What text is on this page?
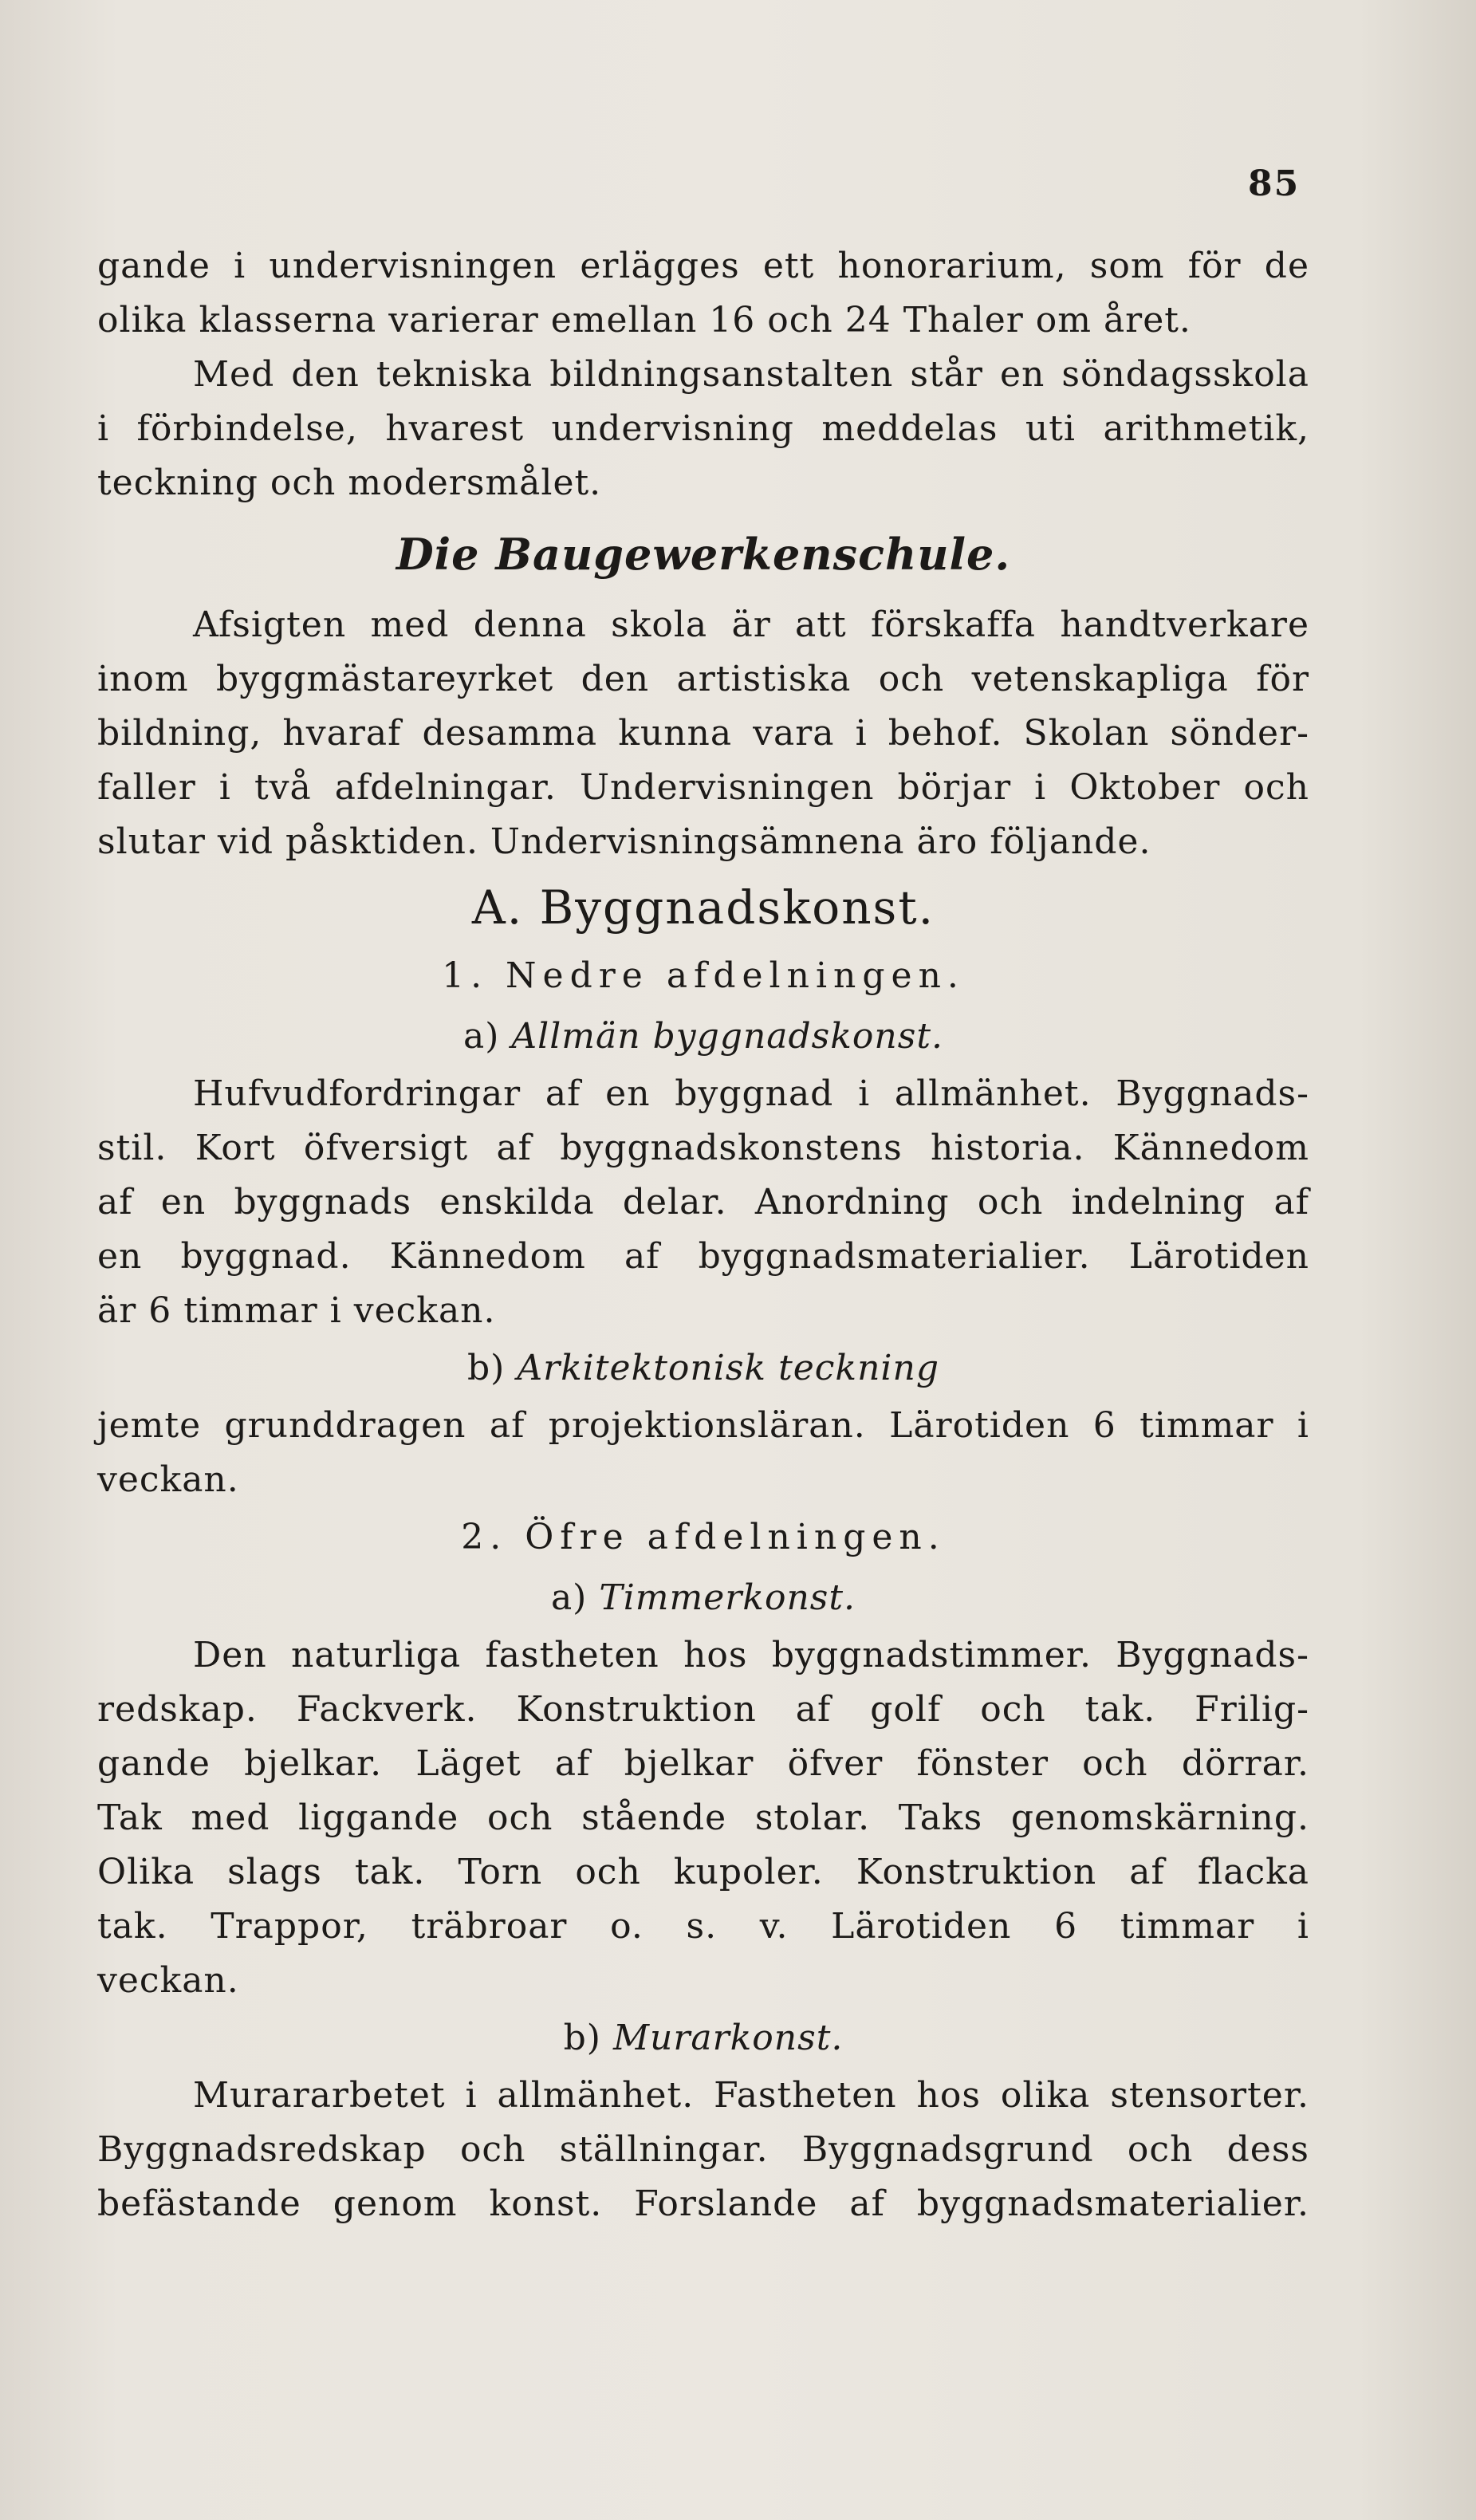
85
gande i undervisningen erlägges ett honorarium, som för de
olika klasserna varierar emellan 16 och 24 Thaler om året.
Med den tekniska bildningsanstalten står en söndagsskola
i förbindelse, hvarest undervisning meddelas uti arithmetik,
teckning och modersmålet.
Die Baugewerkenschule.
Afsigten med denna skola är att förskaffa handtverkare
inom byggmästareyrket den artistiska och vetenskapliga för
bildning, hvaraf desamma kunna vara i behof. Skolan sönder-
faller i två afdelningar. Undervisningen börjar i Oktober och
slutar vid påsktiden. Undervisningsämnena äro följande.
A. Byggnadskonst.
1. Nedre afdelningen.
a) Allmän byggnadskonst.
Hufvudfordringar af en byggnad i allmänhet. Byggnads-
stil. Kort öfversigt af byggnadskonstens historia. Kännedom
af en byggnads enskilda delar. Anordning och indelning af
en byggnad. Kännedom af byggnadsmaterialier. Lärotiden
är 6 timmar i veckan.
b) Arkitektonisk teckning
jemte grunddragen af projektionsläran. Lärotiden 6 timmar i
veckan.
2. Öfre afdelningen.
a) Timmerkonst.
Den naturliga fastheten hos byggnadstimmer. Byggnads-
redskap. Fackverk. Konstruktion af golf och tak. Frilig-
gande bjelkar. Läget af bjelkar öfver fönster och dörrar.
Tak med liggande och stående stolar. Taks genomskärning.
Olika slags tak. Torn och kupoler. Konstruktion af flacka
tak. Trappor, träbroar o. s. v. Lärotiden 6 timmar i
veckan.
b) Murarkonst.
Murararbetet i allmänhet. Fastheten hos olika stensorter.
Byggnadsredskap och ställningar. Byggnadsgrund och dess
befästande genom konst. Forslande af byggnadsmaterialier.
